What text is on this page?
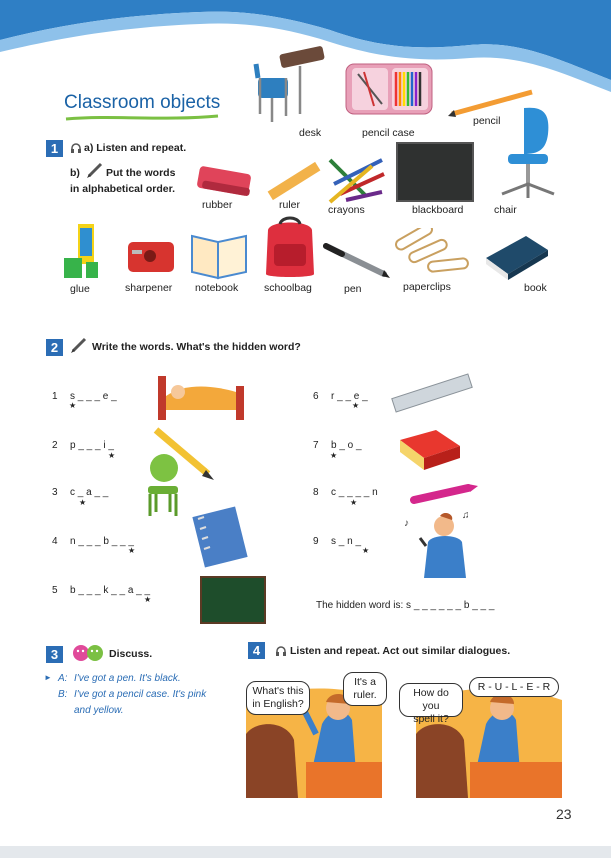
Classroom objects
desk	pencil case
pencil
1	a) Listen and repeat.
b) Put the words
in alphabetical order.
rubber	ruler	crayons	blackboard	chair
glue	sharpener notebook schoolbag	pen	paperclips	book
2	Write the words. What's the hidden word?
1 s _ _ _ e _
★
2 p _ _ _ i _
★
3 c _ a _ _
★
4 n _ _ _ b _ _ _
★
5 b _ _ _ k _ _ a _ _
★
6 r _ _ e _
★
7 b _ o _
★
8 c _ _ _ _ n
★
9 s _ n _
★
♪
♫
The hidden word is: s _ _ _ _ _ _ b _ _ _
3	Discuss.
► A: I've got a pen. It's black.
B: I've got a pencil case. It's pink
and yellow.
4	Listen and repeat. Act out similar dialogues.
What's this
in English?
It's a
ruler.	How do you
spell it?
R - U - L - E - R
23
